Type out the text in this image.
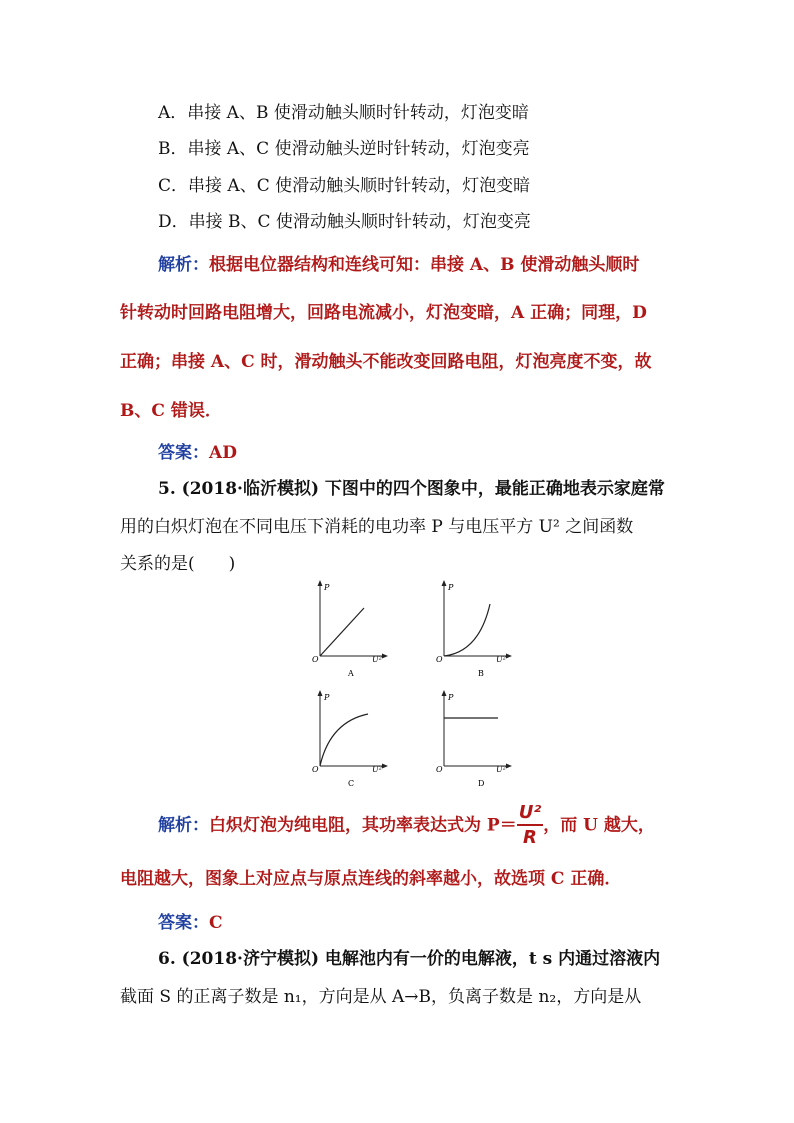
A．串接 A、B 使滑动触头顺时针转动，灯泡变暗
B．串接 A、C 使滑动触头逆时针转动，灯泡变亮
C．串接 A、C 使滑动触头顺时针转动，灯泡变暗
D．串接 B、C 使滑动触头顺时针转动，灯泡变亮
解析：根据电位器结构和连线可知：串接 A、B 使滑动触头顺时
针转动时回路电阻增大，回路电流减小，灯泡变暗，A 正确；同理，D
正确；串接 A、C 时，滑动触头不能改变回路电阻，灯泡亮度不变，故
B、C 错误．
答案：AD
5. (2018·临沂模拟) 下图中的四个图象中，最能正确地表示家庭常
用的白炽灯泡在不同电压下消耗的电功率 P 与电压平方 U² 之间函数
关系的是(　　)
P
O	U²
A
P
O	U²
B
P
O	U²
C
P
O	U²
D
解析：白炽灯泡为纯电阻，其功率表达式为 $P= \frac{\text{U²}}{R}$ ，而 U 越大，
电阻越大，图象上对应点与原点连线的斜率越小，故选项 C 正确．
答案：C
6. (2018·济宁模拟) 电解池内有一价的电解液，t s 内通过溶液内
截面 S 的正离子数是 n₁，方向是从 A→B，负离子数是 n₂，方向是从
